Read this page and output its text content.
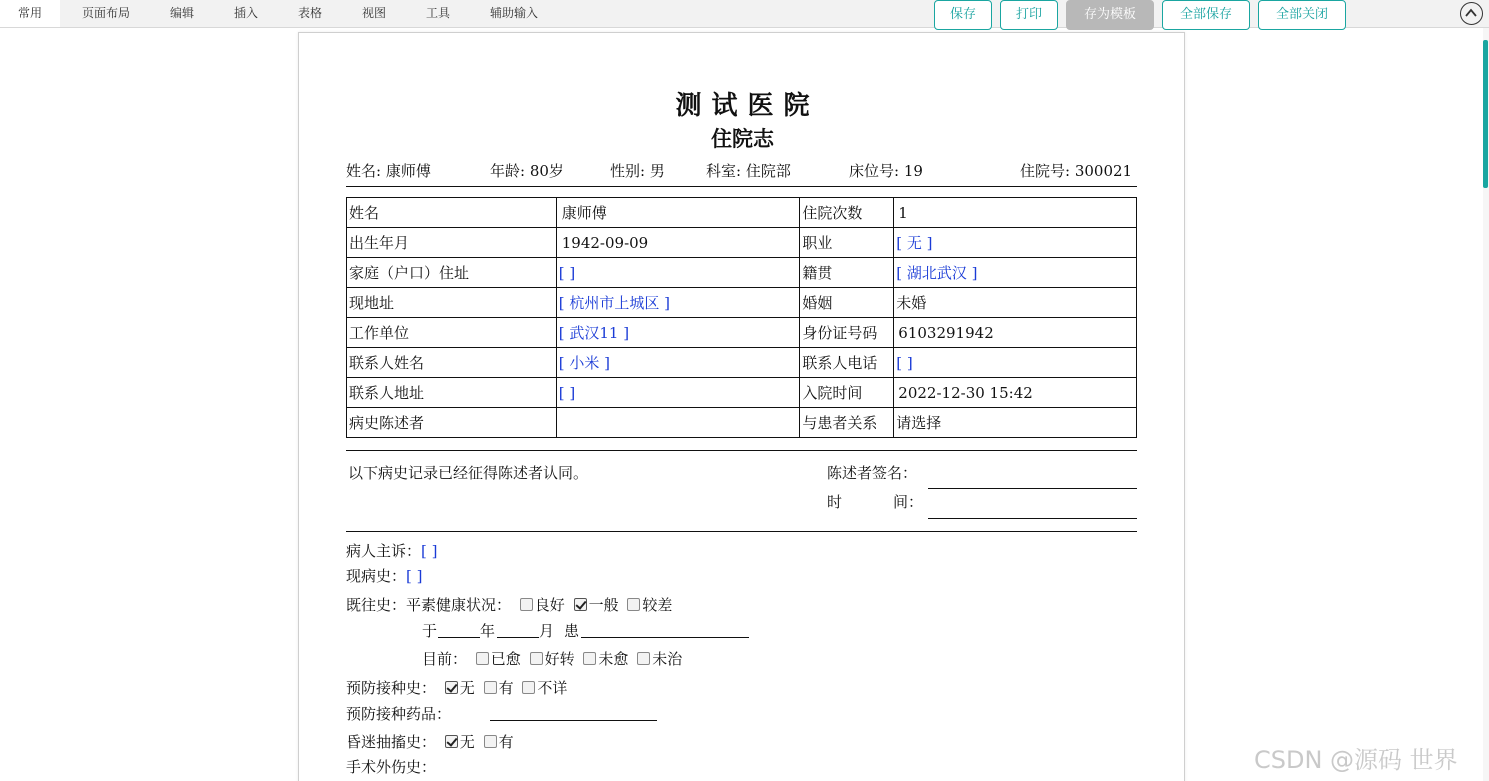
常用	页面布局	编辑	插入	表格	视图	工具	辅助输入	保存	打印	存为模板	全部保存	全部关闭
测试医院
住院志
姓名: 康师傅	年龄: 80岁	性别: 男	科室: 住院部	床位号: 19	住院号: 300021
姓名	康师傅	住院次数	1
出生年月	1942-09-09	职业	[ 无 ]
家庭（户口）住址	[ ]	籍贯	[ 湖北武汉 ]
现地址	[ 杭州市上城区 ]	婚姻	未婚
工作单位	[ 武汉11 ]	身份证号码	6103291942
联系人姓名	[ 小米 ]	联系人电话	[ ]
联系人地址	[ ]	入院时间	2022-12-30 15:42
病史陈述者		与患者关系	请选择
以下病史记录已经征得陈述者认同。	陈述者签名：
时	间：
病人主诉：[ ]
现病史：[ ]
既往史：平素健康状况： 良好 一般 较差
于	年	月 患
目前： 已愈 好转 未愈 未治
预防接种史： 无 有 不详
预防接种药品：
昏迷抽搐史： 无 有
手术外伤史：	CSDN @源码 世界
